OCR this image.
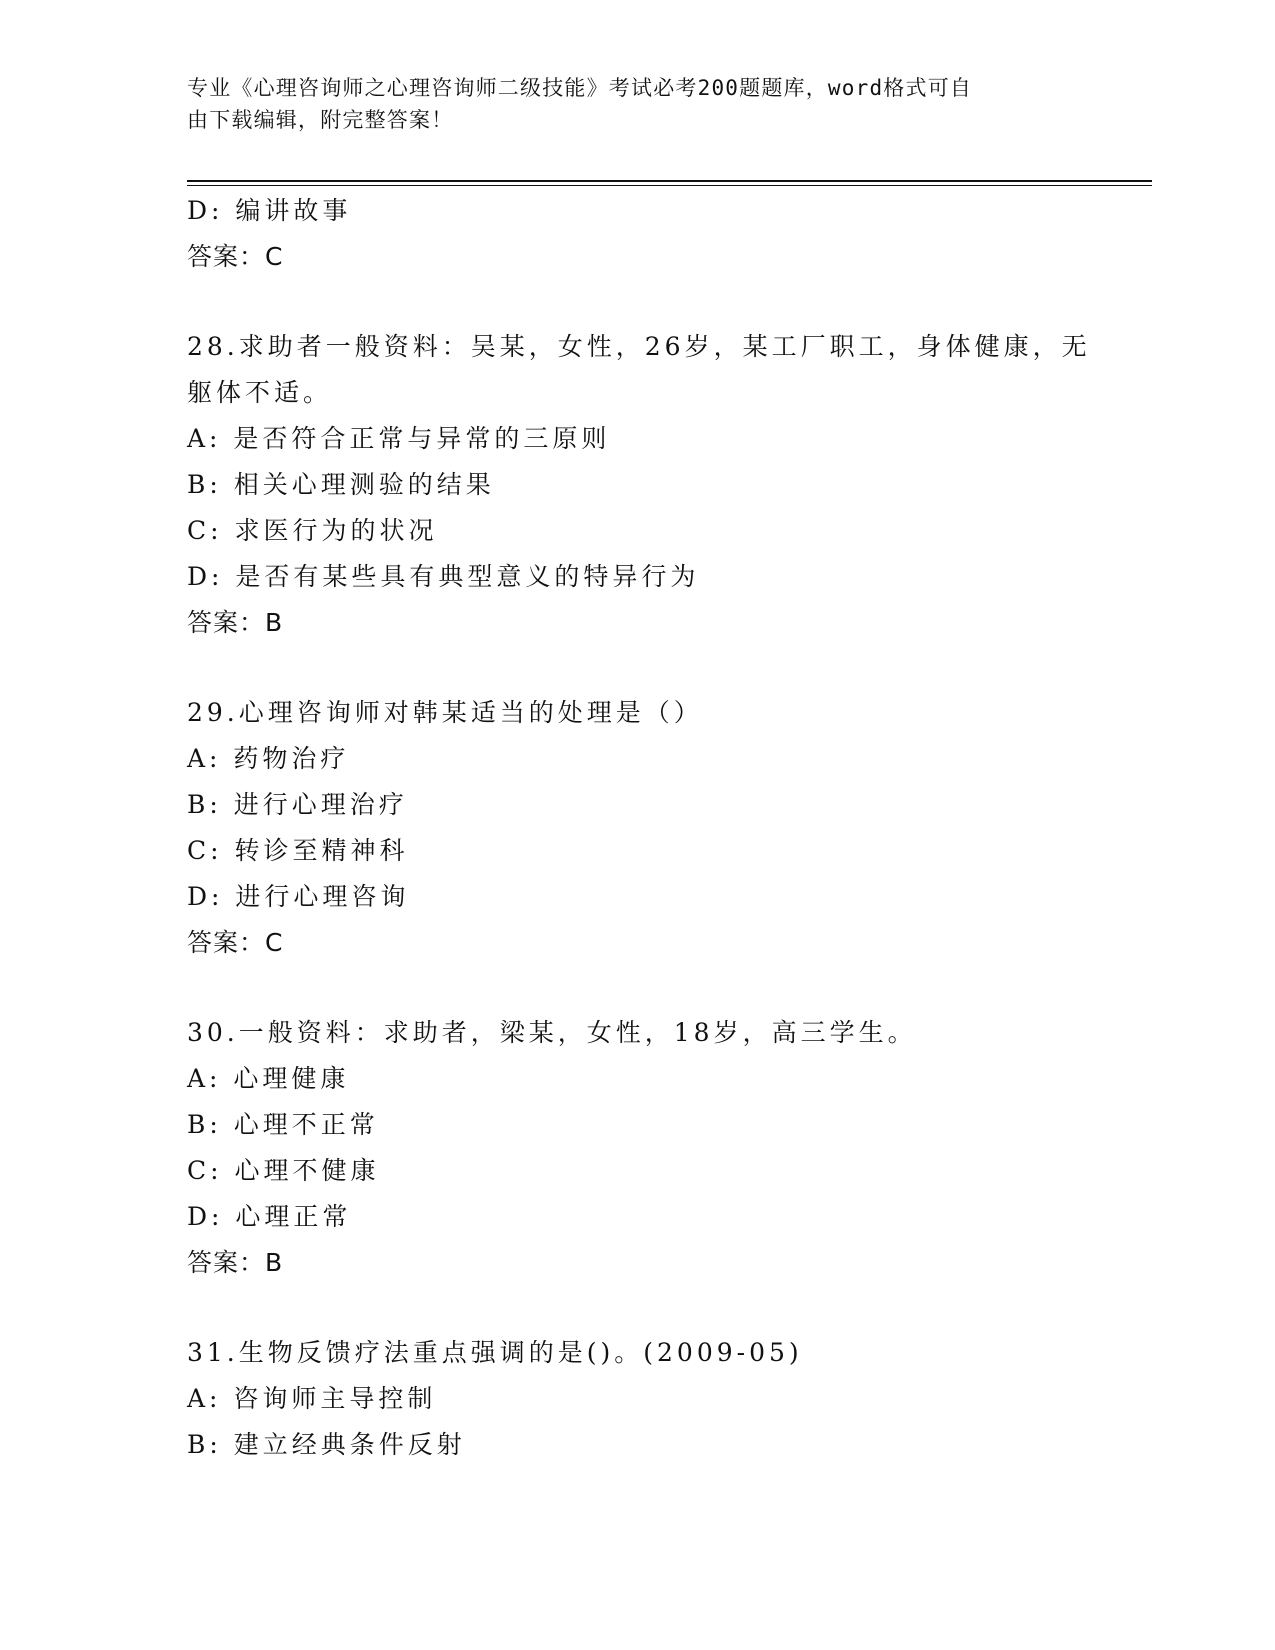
专业《心理咨询师之心理咨询师二级技能》考试必考200题题库，word格式可自
由下载编辑，附完整答案！
D: 编讲故事
答案：C
28.求助者一般资料：吴某，女性，26岁，某工厂职工，身体健康，无
躯体不适。
A: 是否符合正常与异常的三原则
B: 相关心理测验的结果
C: 求医行为的状况
D: 是否有某些具有典型意义的特异行为
答案：B
29.心理咨询师对韩某适当的处理是（）
A: 药物治疗
B: 进行心理治疗
C: 转诊至精神科
D: 进行心理咨询
答案：C
30.一般资料：求助者，梁某，女性，18岁，高三学生。
A: 心理健康
B: 心理不正常
C: 心理不健康
D: 心理正常
答案：B
31.生物反馈疗法重点强调的是()。(2009-05)
A: 咨询师主导控制
B: 建立经典条件反射
